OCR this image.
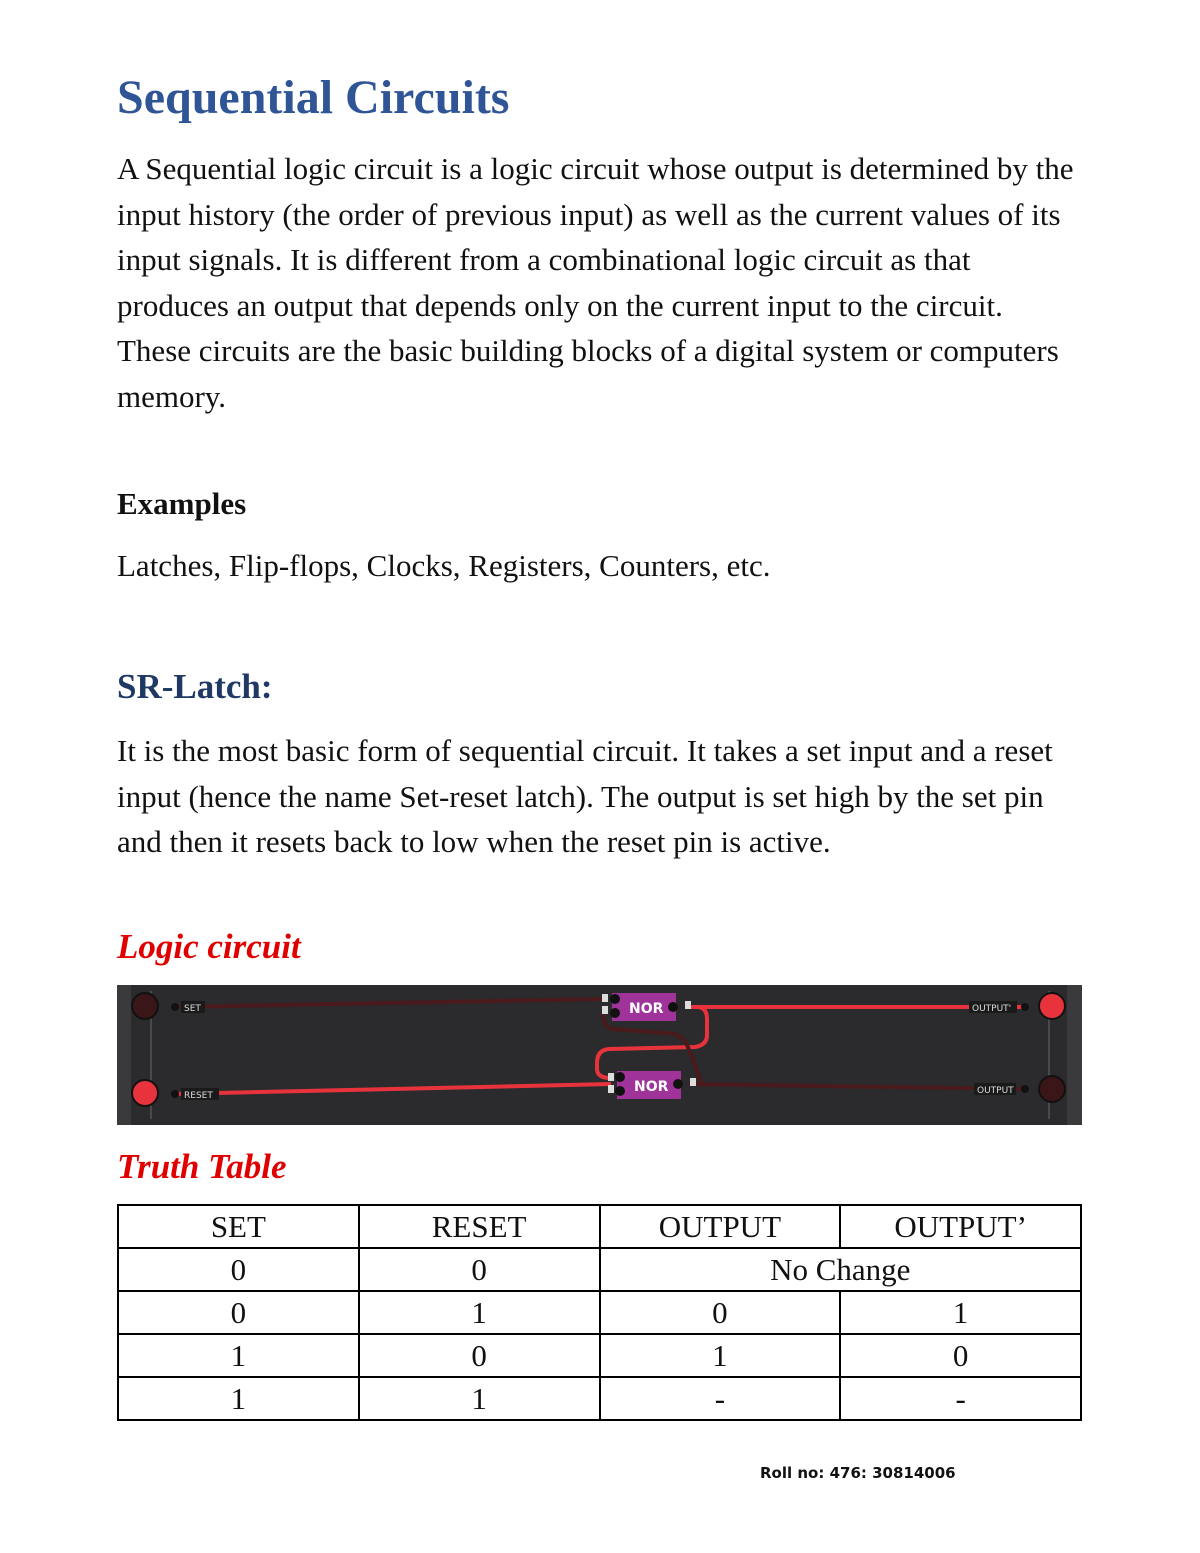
Sequential Circuits

A Sequential logic circuit is a logic circuit whose output is determined by the input history (the order of previous input) as well as the current values of its input signals. It is different from a combinational logic circuit as that produces an output that depends only on the current input to the circuit. These circuits are the basic building blocks of a digital system or computers memory.

Examples

Latches, Flip-flops, Clocks, Registers, Counters, etc.

SR-Latch:

It is the most basic form of sequential circuit. It takes a set input and a reset input (hence the name Set-reset latch). The output is set high by the set pin and then it resets back to low when the reset pin is active.

Logic circuit
NOR
NOR
SET
RESET
OUTPUT'
OUTPUT
Truth Table
SET	RESET	OUTPUT	OUTPUT’
0	0	No Change	
0	1	0	1
1	0	1	0
1	1	-	-

Roll no: 476: 30814006
